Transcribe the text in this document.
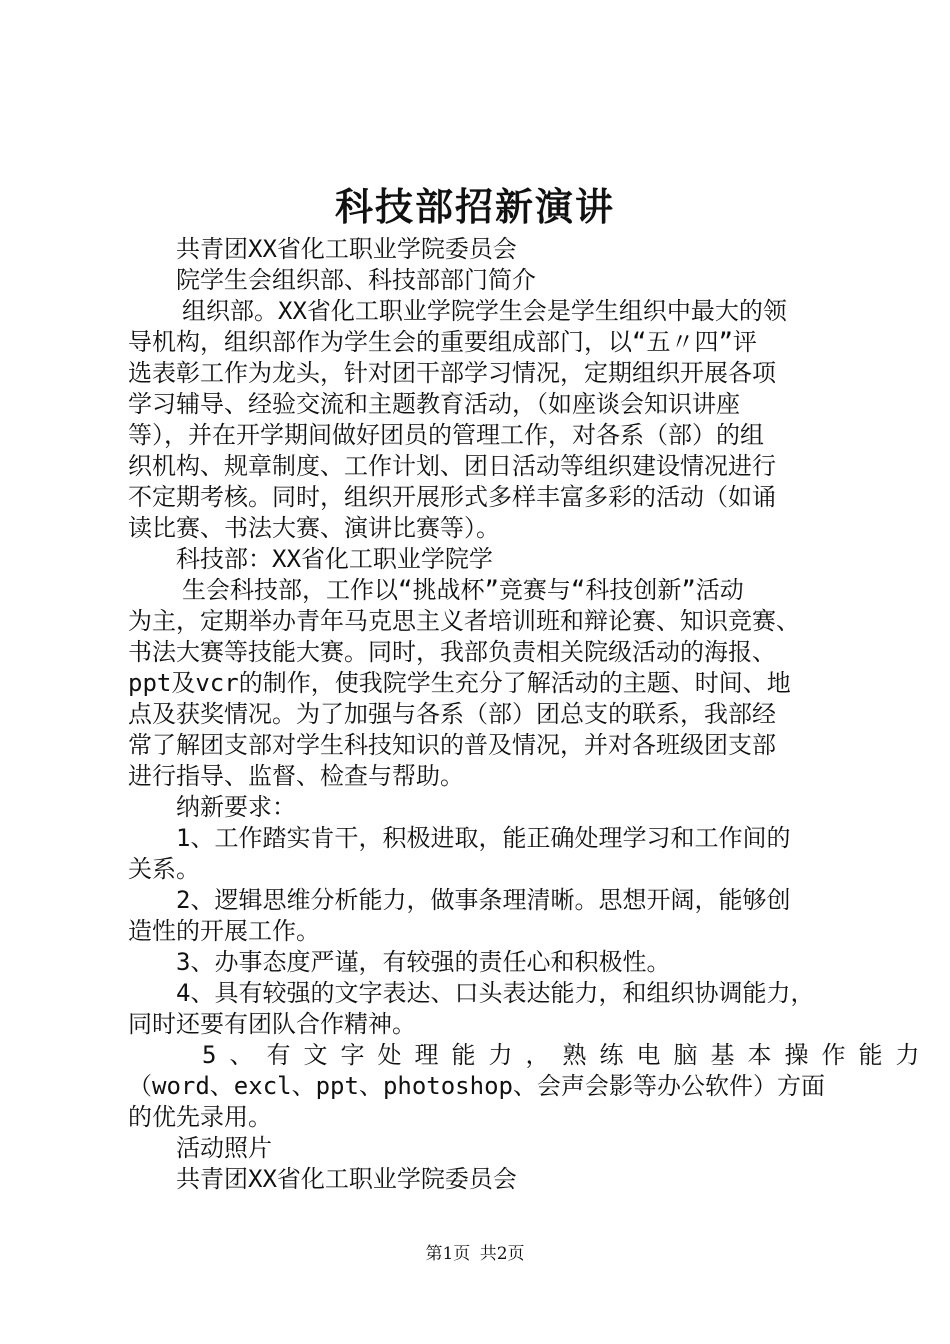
科技部招新演讲
共青团XX省化工职业学院委员会
院学生会组织部、科技部部门简介
组织部。XX省化工职业学院学生会是学生组织中最大的领
导机构，组织部作为学生会的重要组成部门，以“五〃四”评
选表彰工作为龙头，针对团干部学习情况，定期组织开展各项
学习辅导、经验交流和主题教育活动，（如座谈会知识讲座
等），并在开学期间做好团员的管理工作，对各系（部）的组
织机构、规章制度、工作计划、团日活动等组织建设情况进行
不定期考核。同时，组织开展形式多样丰富多彩的活动（如诵
读比赛、书法大赛、演讲比赛等）。
科技部：XX省化工职业学院学
生会科技部，工作以“挑战杯”竞赛与“科技创新”活动
为主，定期举办青年马克思主义者培训班和辩论赛、知识竞赛、
书法大赛等技能大赛。同时，我部负责相关院级活动的海报、
ppt及vcr的制作，使我院学生充分了解活动的主题、时间、地
点及获奖情况。为了加强与各系（部）团总支的联系，我部经
常了解团支部对学生科技知识的普及情况，并对各班级团支部
进行指导、监督、检查与帮助。
纳新要求：
1、工作踏实肯干，积极进取，能正确处理学习和工作间的
关系。
2、逻辑思维分析能力，做事条理清晰。思想开阔，能够创
造性的开展工作。
3、办事态度严谨，有较强的责任心和积极性。
4、具有较强的文字表达、口头表达能力，和组织协调能力，
同时还要有团队合作精神。
5、有文字处理能力，熟练电脑基本操作能力
（word、excl、ppt、photoshop、会声会影等办公软件）方面
的优先录用。
活动照片
共青团XX省化工职业学院委员会
第1页 共2页
